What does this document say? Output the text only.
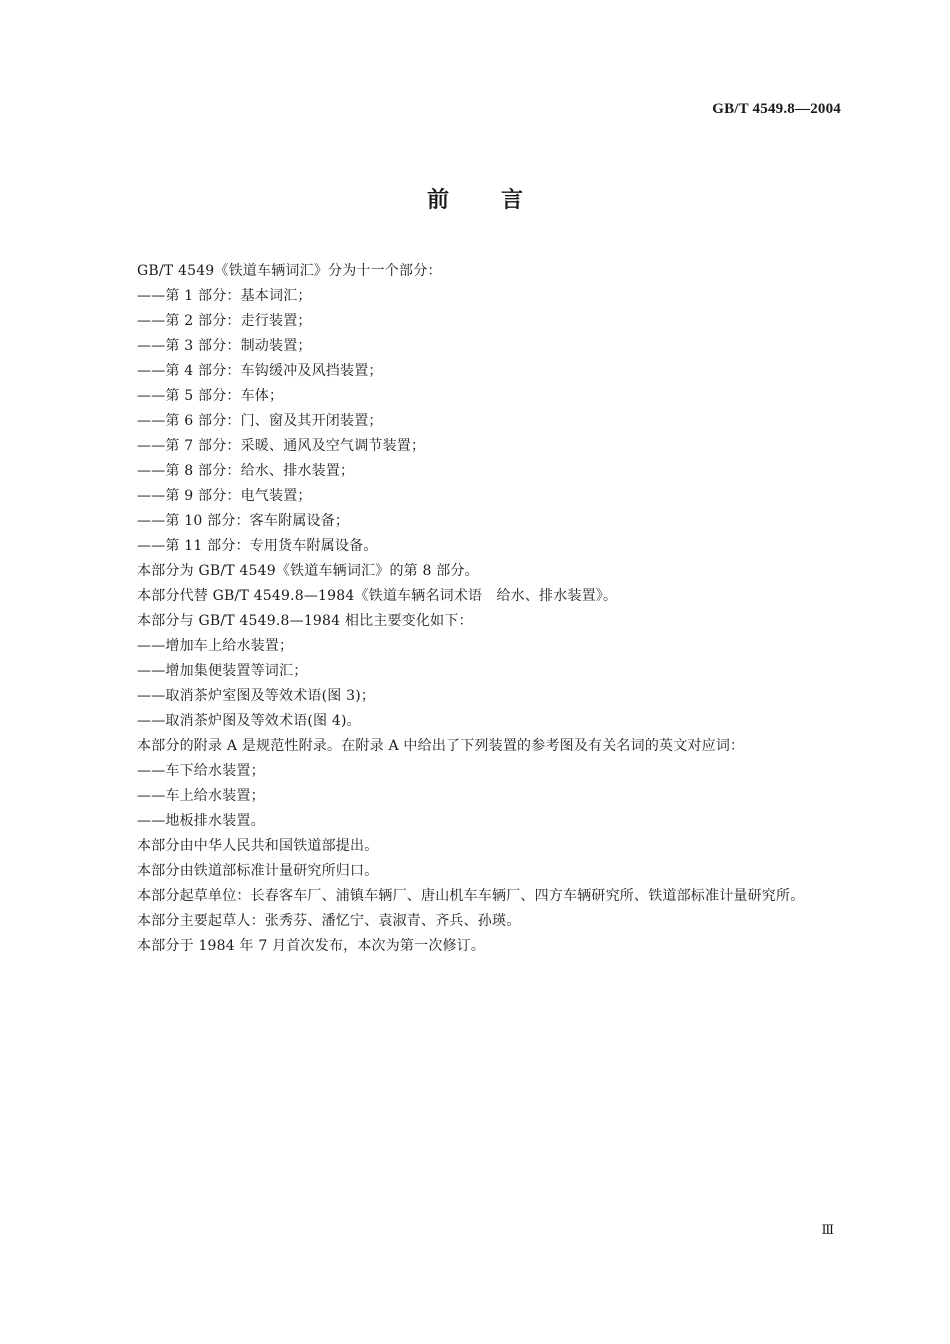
GB/T 4549.8—2004

前言

GB/T 4549《铁道车辆词汇》分为十一个部分：

——第 1 部分：基本词汇；

——第 2 部分：走行装置；

——第 3 部分：制动装置；

——第 4 部分：车钩缓冲及风挡装置；

——第 5 部分：车体；

——第 6 部分：门、窗及其开闭装置；

——第 7 部分：采暖、通风及空气调节装置；

——第 8 部分：给水、排水装置；

——第 9 部分：电气装置；

——第 10 部分：客车附属设备；

——第 11 部分：专用货车附属设备。

本部分为 GB/T 4549《铁道车辆词汇》的第 8 部分。

本部分代替 GB/T 4549.8—1984《铁道车辆名词术语　给水、排水装置》。

本部分与 GB/T 4549.8—1984 相比主要变化如下：

——增加车上给水装置；

——增加集便装置等词汇；

——取消茶炉室图及等效术语(图 3)；

——取消茶炉图及等效术语(图 4)。

本部分的附录 A 是规范性附录。在附录 A 中给出了下列装置的参考图及有关名词的英文对应词：

——车下给水装置；

——车上给水装置；

——地板排水装置。

本部分由中华人民共和国铁道部提出。

本部分由铁道部标准计量研究所归口。

本部分起草单位：长春客车厂、浦镇车辆厂、唐山机车车辆厂、四方车辆研究所、铁道部标准计量研究所。

本部分主要起草人：张秀芬、潘忆宁、袁淑青、齐兵、孙瑛。

本部分于 1984 年 7 月首次发布，本次为第一次修订。

Ⅲ
